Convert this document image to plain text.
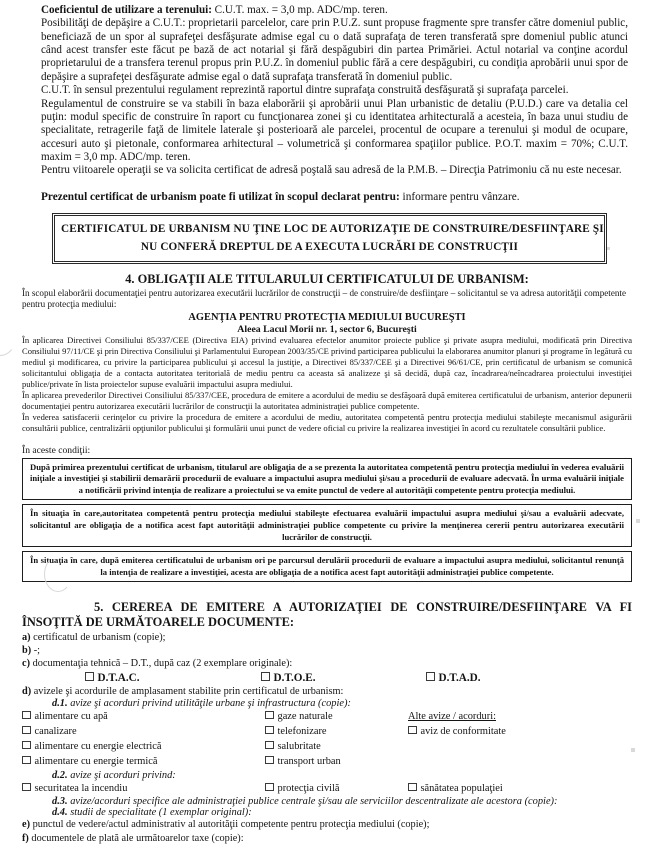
Coeficientul de utilizare a terenului: C.U.T. max. = 3,0 mp. ADC/mp. teren.

Posibilităţi de depăşire a C.U.T.: proprietarii parcelelor, care prin P.U.Z. sunt propuse fragmente spre transfer către domeniul public, beneficiază de un spor al suprafeţei desfăşurate admise egal cu o dată suprafaţa de teren transferată spre domeniul public atunci când acest transfer este făcut pe bază de act notarial şi fără despăgubiri din partea Primăriei. Actul notarial va conţine acordul proprietarului de a transfera terenul propus prin P.U.Z. în domeniul public fără a cere despăgubiri, cu condiţia aprobării unui spor de depăşire a suprafeţei desfăşurate admise egal o dată suprafaţa transferată în domeniul public.

C.U.T. în sensul prezentului regulament reprezintă raportul dintre suprafaţa construită desfăşurată şi suprafaţa parcelei.

Regulamentul de construire se va stabili în baza elaborării şi aprobării unui Plan urbanistic de detaliu (P.U.D.) care va detalia cel puţin: modul specific de construire în raport cu funcţionarea zonei şi cu identitatea arhitecturală a acesteia, în baza unui studiu de specialitate, retragerile faţă de limitele laterale şi posterioară ale parcelei, procentul de ocupare a terenului şi modul de ocupare, accesuri auto şi pietonale, conformarea arhitectural – volumetrică şi conformarea spaţiilor publice. P.O.T. maxim = 70%; C.U.T. maxim = 3,0 mp. ADC/mp. teren.

Pentru viitoarele operaţii se va solicita certificat de adresă poştală sau adresă de la P.M.B. – Direcţia Patrimoniu că nu este necesar.

Prezentul certificat de urbanism poate fi utilizat în scopul declarat pentru: informare pentru vânzare.
CERTIFICATUL DE URBANISM NU ŢINE LOC DE AUTORIZAŢIE DE CONSTRUIRE/DESFIINŢARE ŞI
NU CONFERĂ DREPTUL DE A EXECUTA LUCRĂRI DE CONSTRUCŢII
4. OBLIGAŢII ALE TITULARULUI CERTIFICATULUI DE URBANISM:

În scopul elaborării documentaţiei pentru autorizarea executării lucrărilor de construcţii – de construire/de desfiinţare – solicitantul se va adresa autorităţii competente pentru protecţia mediului:

AGENŢIA PENTRU PROTECŢIA MEDIULUI BUCUREŞTI
Aleea Lacul Morii nr. 1, sector 6, Bucureşti

În aplicarea Directivei Consiliului 85/337/CEE (Directiva EIA) privind evaluarea efectelor anumitor proiecte publice şi private asupra mediului, modificată prin Directiva Consiliului 97/11/CE şi prin Directiva Consiliului şi Parlamentului European 2003/35/CE privind participarea publicului la elaborarea anumitor planuri şi programe în legătură cu mediul şi modificarea, cu privire la participarea publicului şi accesul la justiţie, a Directivei 85/337/CEE şi a Directivei 96/61/CE, prin certificatul de urbanism se comunică solicitantului obligaţia de a contacta autoritatea teritorială de mediu pentru ca aceasta să analizeze şi să decidă, după caz, încadrarea/neîncadrarea proiectului investiţiei publice/private în lista proiectelor supuse evaluării impactului asupra mediului.

În aplicarea prevederilor Directivei Consiliului 85/337/CEE, procedura de emitere a acordului de mediu se desfăşoară după emiterea certificatului de urbanism, anterior depunerii documentaţiei pentru autorizarea executării lucrărilor de construcţii la autoritatea administraţiei publice competente.

În vederea satisfacerii cerinţelor cu privire la procedura de emitere a acordului de mediu, autoritatea competentă pentru protecţia mediului stabileşte mecanismul asigurării consultării publice, centralizării opţiunilor publicului şi formulării unui punct de vedere oficial cu privire la realizarea investiţiei în acord cu rezultatele consultării publice.

În aceste condiţii:

După primirea prezentului certificat de urbanism, titularul are obligaţia de a se prezenta la autoritatea competentă pentru protecţia mediului în vederea evaluării iniţiale a investiţiei şi stabilirii demarării procedurii de evaluare a impactului asupra mediului şi/sau a procedurii de evaluare adecvată. În urma evaluării iniţiale a notificării privind intenţia de realizare a proiectului se va emite punctul de vedere al autorităţii competente pentru protecţia mediului.

În situaţia în care,autoritatea competentă pentru protecţia mediului stabileşte efectuarea evaluării impactului asupra mediului şi/sau a evaluării adecvate, solicitantul are obligaţia de a notifica acest fapt autorităţii administraţiei publice competente cu privire la menţinerea cererii pentru autorizarea executării lucrărilor de construcţii.

În situaţia în care, după emiterea certificatului de urbanism ori pe parcursul derulării procedurii de evaluare a impactului asupra mediului, solicitantul renunţă la intenţia de realizare a investiţiei, acesta are obligaţia de a notifica acest fapt autorităţii administraţiei publice competente.

5. CEREREA DE EMITERE A AUTORIZAŢIEI DE CONSTRUIRE/DESFIINŢARE VA FI ÎNSOŢITĂ DE URMĂTOARELE DOCUMENTE:

a) certificatul de urbanism (copie);

b) -;

c) documentaţia tehnică – D.T., după caz (2 exemplare originale):

D.T.A.C.	D.T.O.E.	D.T.A.D.

d) avizele şi acordurile de amplasament stabilite prin certificatul de urbanism:

d.1. avize şi acorduri privind utilităţile urbane şi infrastructura (copie):

alimentare cu apă	gaze naturale	Alte avize / acorduri:
canalizare	telefonizare	aviz de conformitate
alimentare cu energie electrică	salubritate
alimentare cu energie termică	transport urban

d.2. avize şi acorduri privind:

securitatea la incendiu	protecţia civilă	sănătatea populaţiei

d.3. avize/acorduri specifice ale administraţiei publice centrale şi/sau ale serviciilor descentralizate ale acestora (copie):

d.4. studii de specialitate (1 exemplar original):

e) punctul de vedere/actul administrativ al autorităţii competente pentru protecţia mediului (copie);

f) documentele de plată ale următoarelor taxe (copie):
